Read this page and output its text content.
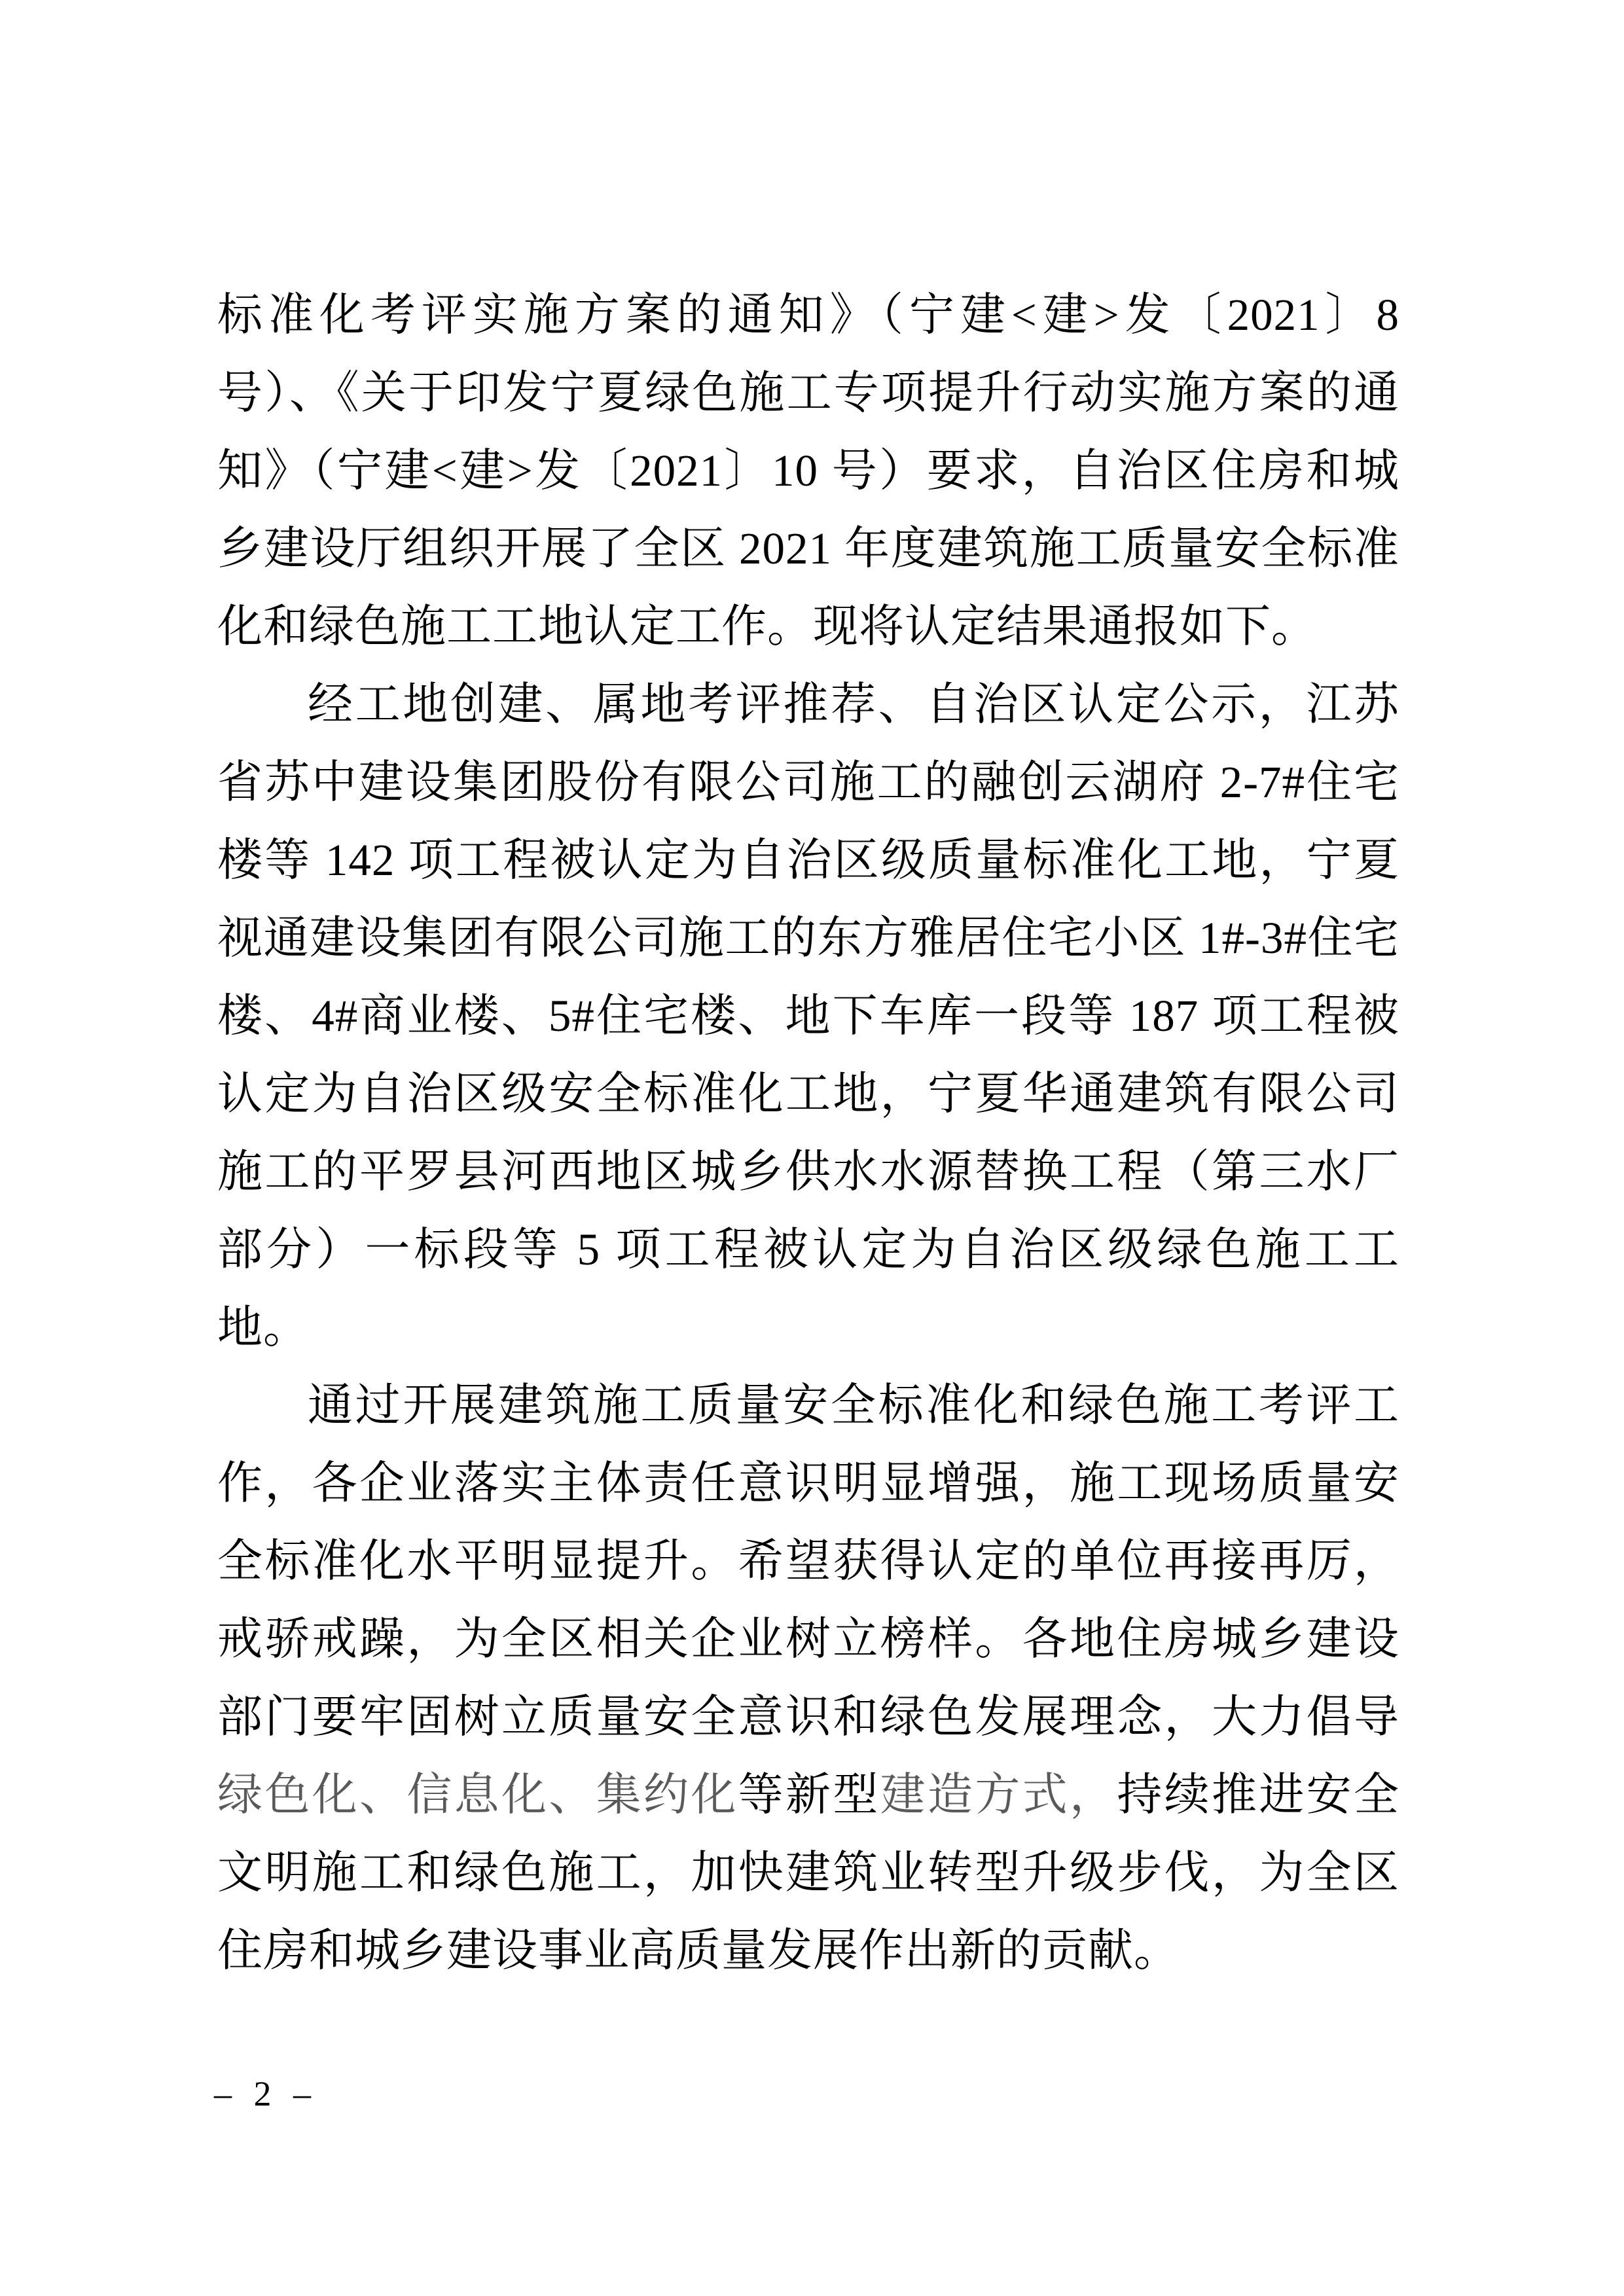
标准化考评实施方案的通知》（宁建<建>发〔2021〕8 号）、《关于印发宁夏绿色施工专项提升行动实施方案的通知》（宁建<建>发〔2021〕10 号）要求，自治区住房和城乡建设厅组织开展了全区 2021 年度建筑施工质量安全标准化和绿色施工工地认定工作。现将认定结果通报如下。

经工地创建、属地考评推荐、自治区认定公示，江苏省苏中建设集团股份有限公司施工的融创云湖府 2-7#住宅楼等 142 项工程被认定为自治区级质量标准化工地，宁夏视通建设集团有限公司施工的东方雅居住宅小区 1#-3#住宅楼、4#商业楼、5#住宅楼、地下车库一段等 187 项工程被认定为自治区级安全标准化工地，宁夏华通建筑有限公司施工的平罗县河西地区城乡供水水源替换工程（第三水厂部分）一标段等 5 项工程被认定为自治区级绿色施工工地。

通过开展建筑施工质量安全标准化和绿色施工考评工作，各企业落实主体责任意识明显增强，施工现场质量安全标准化水平明显提升。希望获得认定的单位再接再厉，戒骄戒躁，为全区相关企业树立榜样。各地住房城乡建设部门要牢固树立质量安全意识和绿色发展理念，大力倡导绿色化、信息化、集约化等新型建造方式，持续推进安全文明施工和绿色施工，加快建筑业转型升级步伐，为全区住房和城乡建设事业高质量发展作出新的贡献。

– 2 –
